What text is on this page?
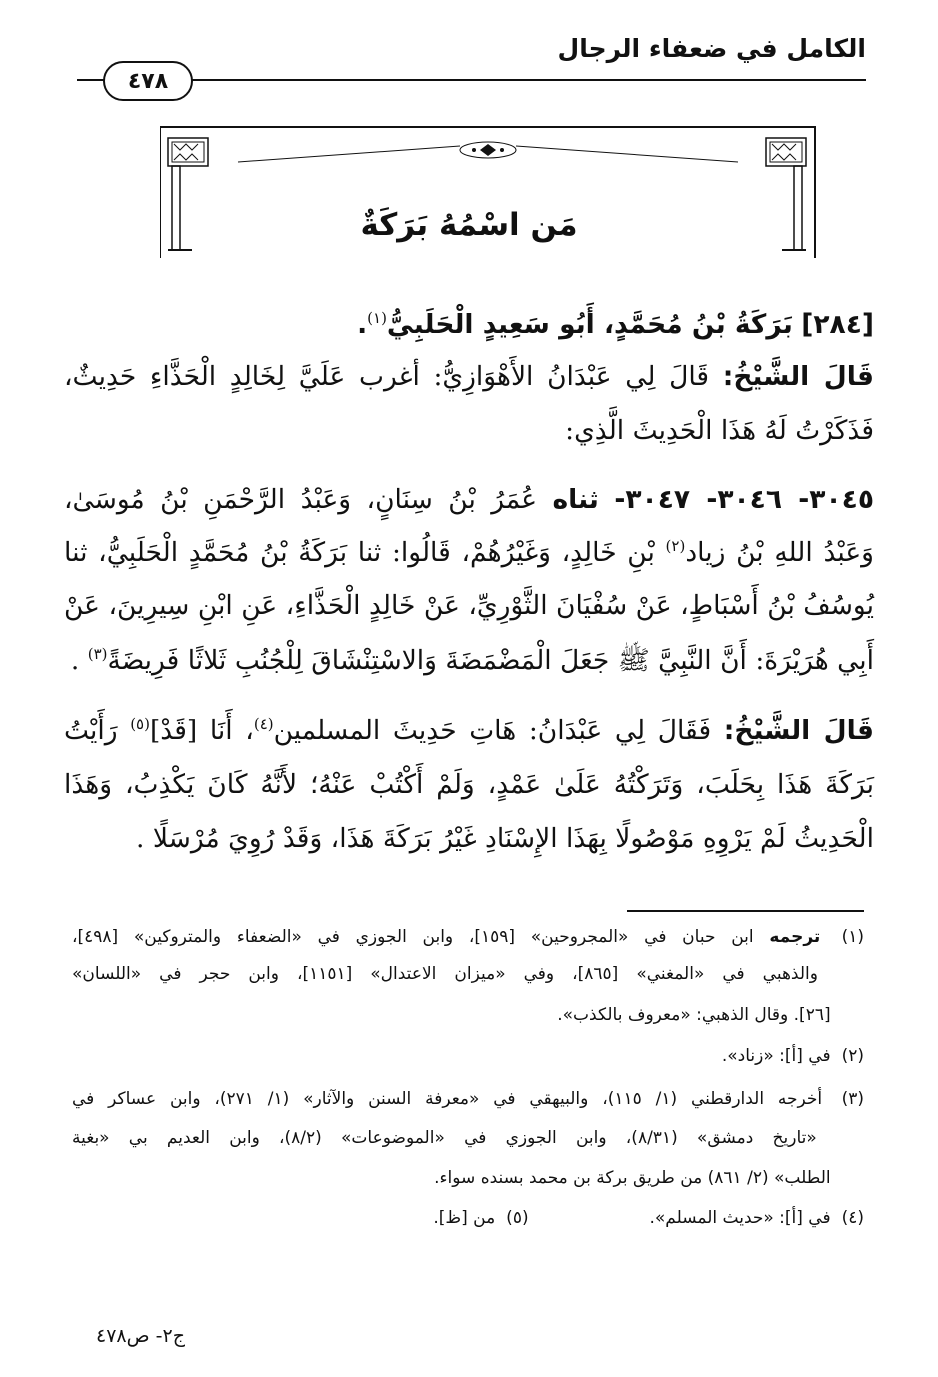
الكامل في ضعفاء الرجال
٤٧٨
مَن اسْمُهُ بَرَكَةٌ
[٢٨٤] بَرَكَةُ بْنُ مُحَمَّدٍ، أَبُو سَعِيدٍ الْحَلَبِيُّ$^{(١)}$.
قَالَ الشَّيْخُ: قَالَ لِي عَبْدَانُ الأَهْوَازِيُّ: أغرب عَلَيَّ لِخَالِدٍ الْحَذَّاءِ حَدِيثٌ،
فَذَكَرْتُ لَهُ هَذَا الْحَدِيثَ الَّذِي:
٣٠٤٥- ٣٠٤٦- ٣٠٤٧- ثناه عُمَرُ بْنُ سِنَانٍ، وَعَبْدُ الرَّحْمَنِ بْنُ مُوسَىٰ،
وَعَبْدُ اللهِ بْنُ زياد$^{(٢)}$ بْنِ خَالِدٍ، وَغَيْرُهُمْ، قَالُوا: ثنا بَرَكَةُ بْنُ مُحَمَّدٍ الْحَلَبِيُّ، ثنا
يُوسُفُ بْنُ أَسْبَاطٍ، عَنْ سُفْيَانَ الثَّوْرِيِّ، عَنْ خَالِدٍ الْحَذَّاءِ، عَنِ ابْنِ سِيرِينَ، عَنْ
أَبِي هُرَيْرَةَ: أَنَّ النَّبِيَّ ﷺ جَعَلَ الْمَضْمَضَةَ وَالاسْتِنْشَاقَ لِلْجُنُبِ ثَلاثًا فَرِيضَةً$^{(٣)}$ .
قَالَ الشَّيْخُ: فَقَالَ لِي عَبْدَانُ: هَاتِ حَدِيثَ المسلمين$^{(٤)}$، أَنَا [قَدْ]$^{(٥)}$ رَأَيْتُ
بَرَكَةَ هَذَا بِحَلَبَ، وَتَرَكْتُهُ عَلَىٰ عَمْدٍ، وَلَمْ أَكْتُبْ عَنْهُ؛ لأَنَّهُ كَانَ يَكْذِبُ، وَهَذَا
الْحَدِيثُ لَمْ يَرْوِهِ مَوْصُولًا بِهَذَا الإِسْنَادِ غَيْرُ بَرَكَةَ هَذَا، وَقَدْ رُوِيَ مُرْسَلًا .
(١) ترجمه ابن حبان في «المجروحين» [١٥٩]، وابن الجوزي في «الضعفاء والمتروكين» [٤٩٨]،
والذهبي في «المغني» [٨٦٥]، وفي «ميزان الاعتدال» [١١٥١]، وابن حجر في «اللسان»
[٢٦]. وقال الذهبي: «معروف بالكذب».
(٢) في [أ]: «زناد».
(٣) أخرجه الدارقطني (١/ ١١٥)، والبيهقي في «معرفة السنن والآثار» (١/ ٢٧١)، وابن عساكر في
«تاريخ دمشق» (٨/٣١)، وابن الجوزي في «الموضوعات» (٨/٢)، وابن العديم بي «بغية
الطلب» (٢/ ٨٦١) من طريق بركة بن محمد بسنده سواء.
(٤) في [أ]: «حديث المسلم». (٥) من [ظ].
ج٢- ص٤٧٨
